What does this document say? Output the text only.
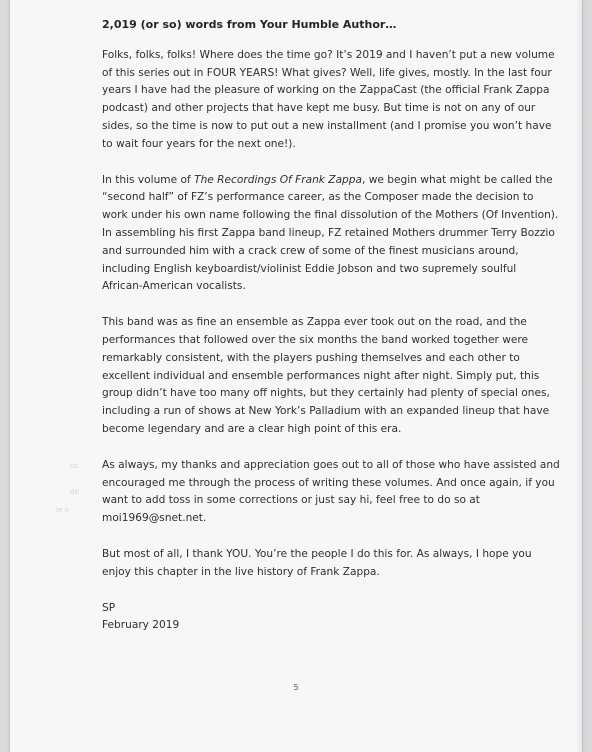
co
de
le n

2,019 (or so) words from Your Humble Author…

Folks, folks, folks! Where does the time go? It’s 2019 and I haven’t put a new volume of this series out in FOUR YEARS! What gives? Well, life gives, mostly. In the last four years I have had the pleasure of working on the ZappaCast (the official Frank Zappa podcast) and other projects that have kept me busy. But time is not on any of our sides, so the time is now to put out a new installment (and I promise you won’t have to wait four years for the next one!).

In this volume of The Recordings Of Frank Zappa, we begin what might be called the “second half” of FZ’s performance career, as the Composer made the decision to work under his own name following the final dissolution of the Mothers (Of Invention). In assembling his first Zappa band lineup, FZ retained Mothers drummer Terry Bozzio and surrounded him with a crack crew of some of the finest musicians around, including English keyboardist/violinist Eddie Jobson and two supremely soulful African-American vocalists.

This band was as fine an ensemble as Zappa ever took out on the road, and the performances that followed over the six months the band worked together were remarkably consistent, with the players pushing themselves and each other to excellent individual and ensemble performances night after night. Simply put, this group didn’t have too many off nights, but they certainly had plenty of special ones, including a run of shows at New York’s Palladium with an expanded lineup that have become legendary and are a clear high point of this era.

As always, my thanks and appreciation goes out to all of those who have assisted and encouraged me through the process of writing these volumes. And once again, if you want to add toss in some corrections or just say hi, feel free to do so at moi1969@snet.net.

But most of all, I thank YOU. You’re the people I do this for. As always, I hope you enjoy this chapter in the live history of Frank Zappa.

SP

February 2019

5
